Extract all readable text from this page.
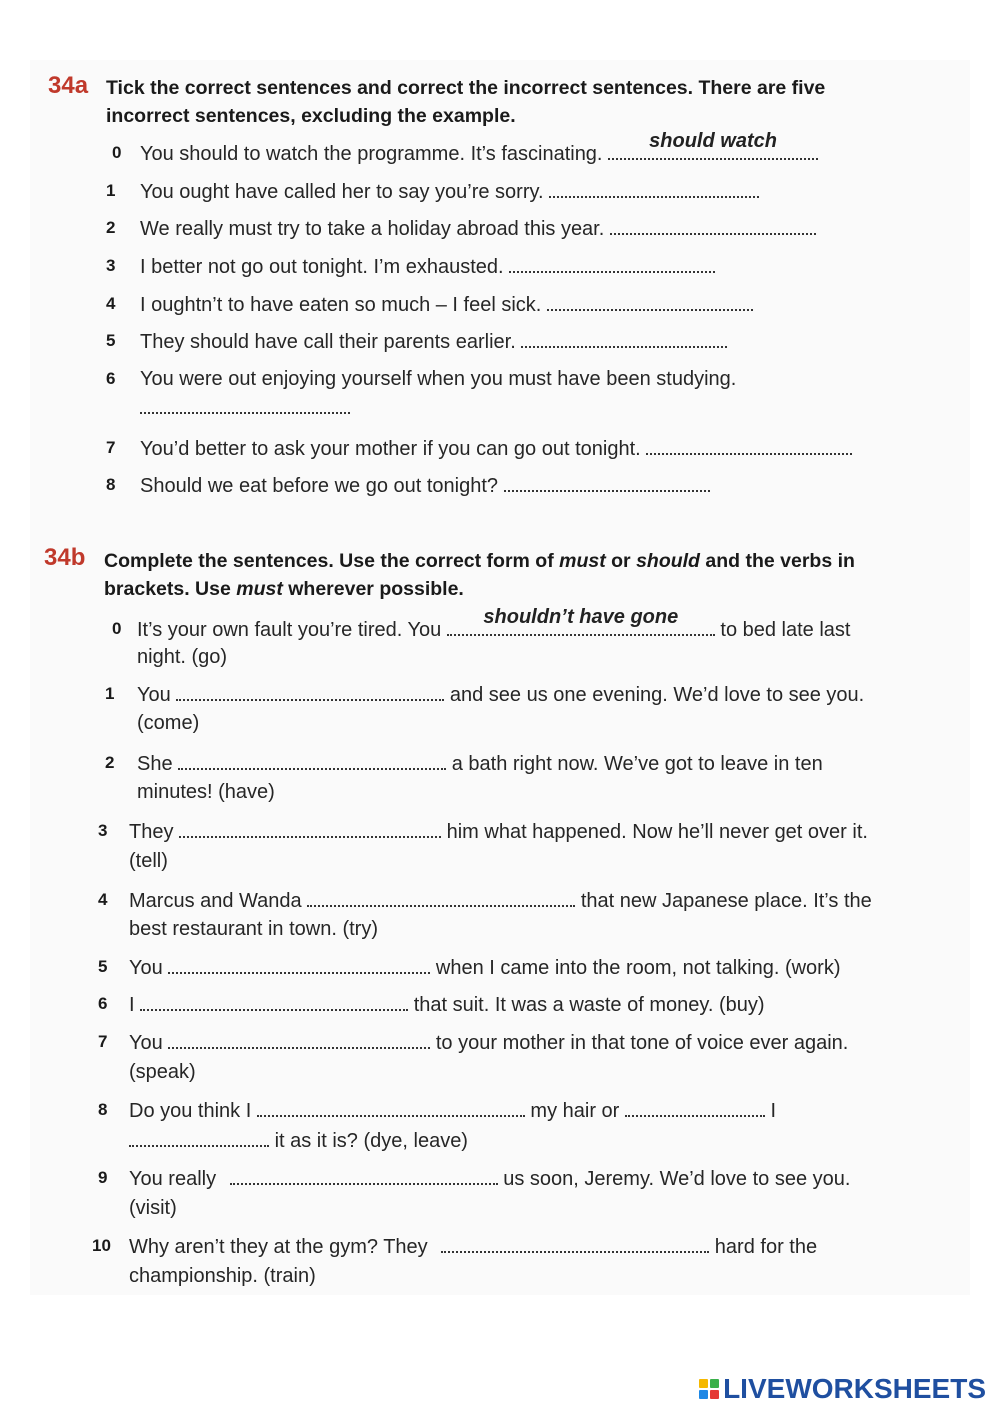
34a Tick the correct sentences and correct the incorrect sentences. There are five
incorrect sentences, excluding the example.
0 You should to watch the programme. It’s fascinating.
should watch
1 You ought have called her to say you’re sorry.
2 We really must try to take a holiday abroad this year.
3 I better not go out tonight. I’m exhausted.
4 I oughtn’t to have eaten so much – I feel sick.
5 They should have call their parents earlier.
6 You were out enjoying yourself when you must have been studying.
7 You’d better to ask your mother if you can go out tonight.
8 Should we eat before we go out tonight?
34b Complete the sentences. Use the correct form of must or should and the verbs in
brackets. Use must wherever possible.
0 It’s your own fault you’re tired. You
shouldn’t have gone
to bed late last
night. (go)
1 You	and see us one evening. We’d love to see you.
(come)
2 She	a bath right now. We’ve got to leave in ten
minutes! (have)
3 They	him what happened. Now he’ll never get over it.
(tell)
4 Marcus and Wanda	that new Japanese place. It’s the
best restaurant in town. (try)
5 You	when I came into the room, not talking. (work)
6 I	that suit. It was a waste of money. (buy)
7 You	to your mother in that tone of voice ever again.
(speak)
8 Do you think I	my hair or	I
it as it is? (dye, leave)
9 You really	us soon, Jeremy. We’d love to see you.
(visit)
10 Why aren’t they at the gym? They	hard for the
championship. (train)
LIVEWORKSHEETS
